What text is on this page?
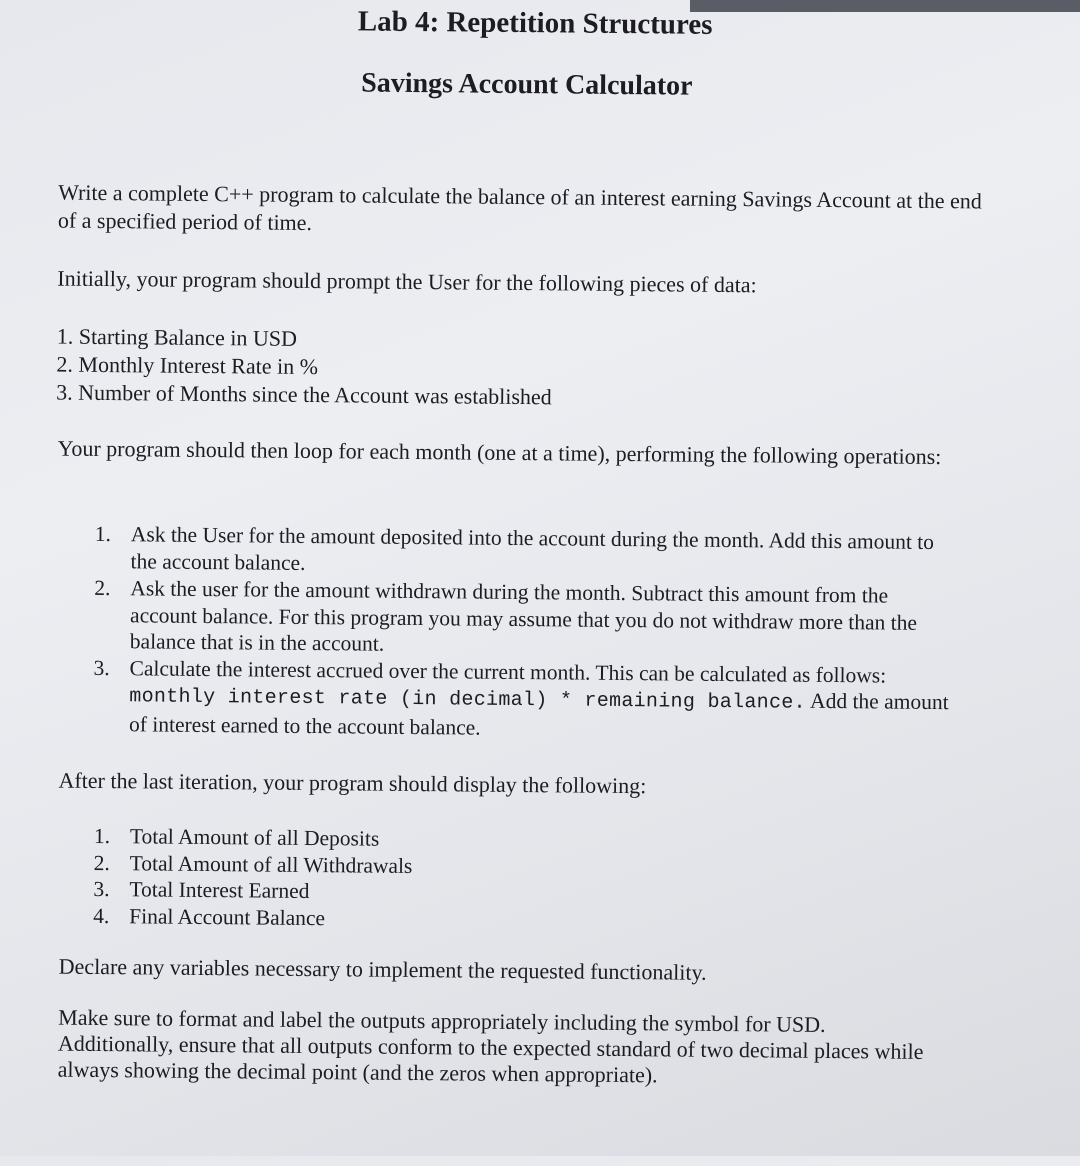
Lab 4: Repetition Structures
Savings Account Calculator

Write a complete C++ program to calculate the balance of an interest earning Savings Account at the end of a specified period of time.

Initially, your program should prompt the User for the following pieces of data:

1. Starting Balance in USD
2. Monthly Interest Rate in %
3. Number of Months since the Account was established

Your program should then loop for each month (one at a time), performing the following operations:

1. Ask the User for the amount deposited into the account during the month. Add this amount to the account balance.
2. Ask the user for the amount withdrawn during the month. Subtract this amount from the account balance. For this program you may assume that you do not withdraw more than the balance that is in the account.
3. Calculate the interest accrued over the current month. This can be calculated as follows: monthly interest rate (in decimal) * remaining balance. Add the amount of interest earned to the account balance.

After the last iteration, your program should display the following:

1. Total Amount of all Deposits
2. Total Amount of all Withdrawals
3. Total Interest Earned
4. Final Account Balance

Declare any variables necessary to implement the requested functionality.

Make sure to format and label the outputs appropriately including the symbol for USD. Additionally, ensure that all outputs conform to the expected standard of two decimal places while always showing the decimal point (and the zeros when appropriate).
